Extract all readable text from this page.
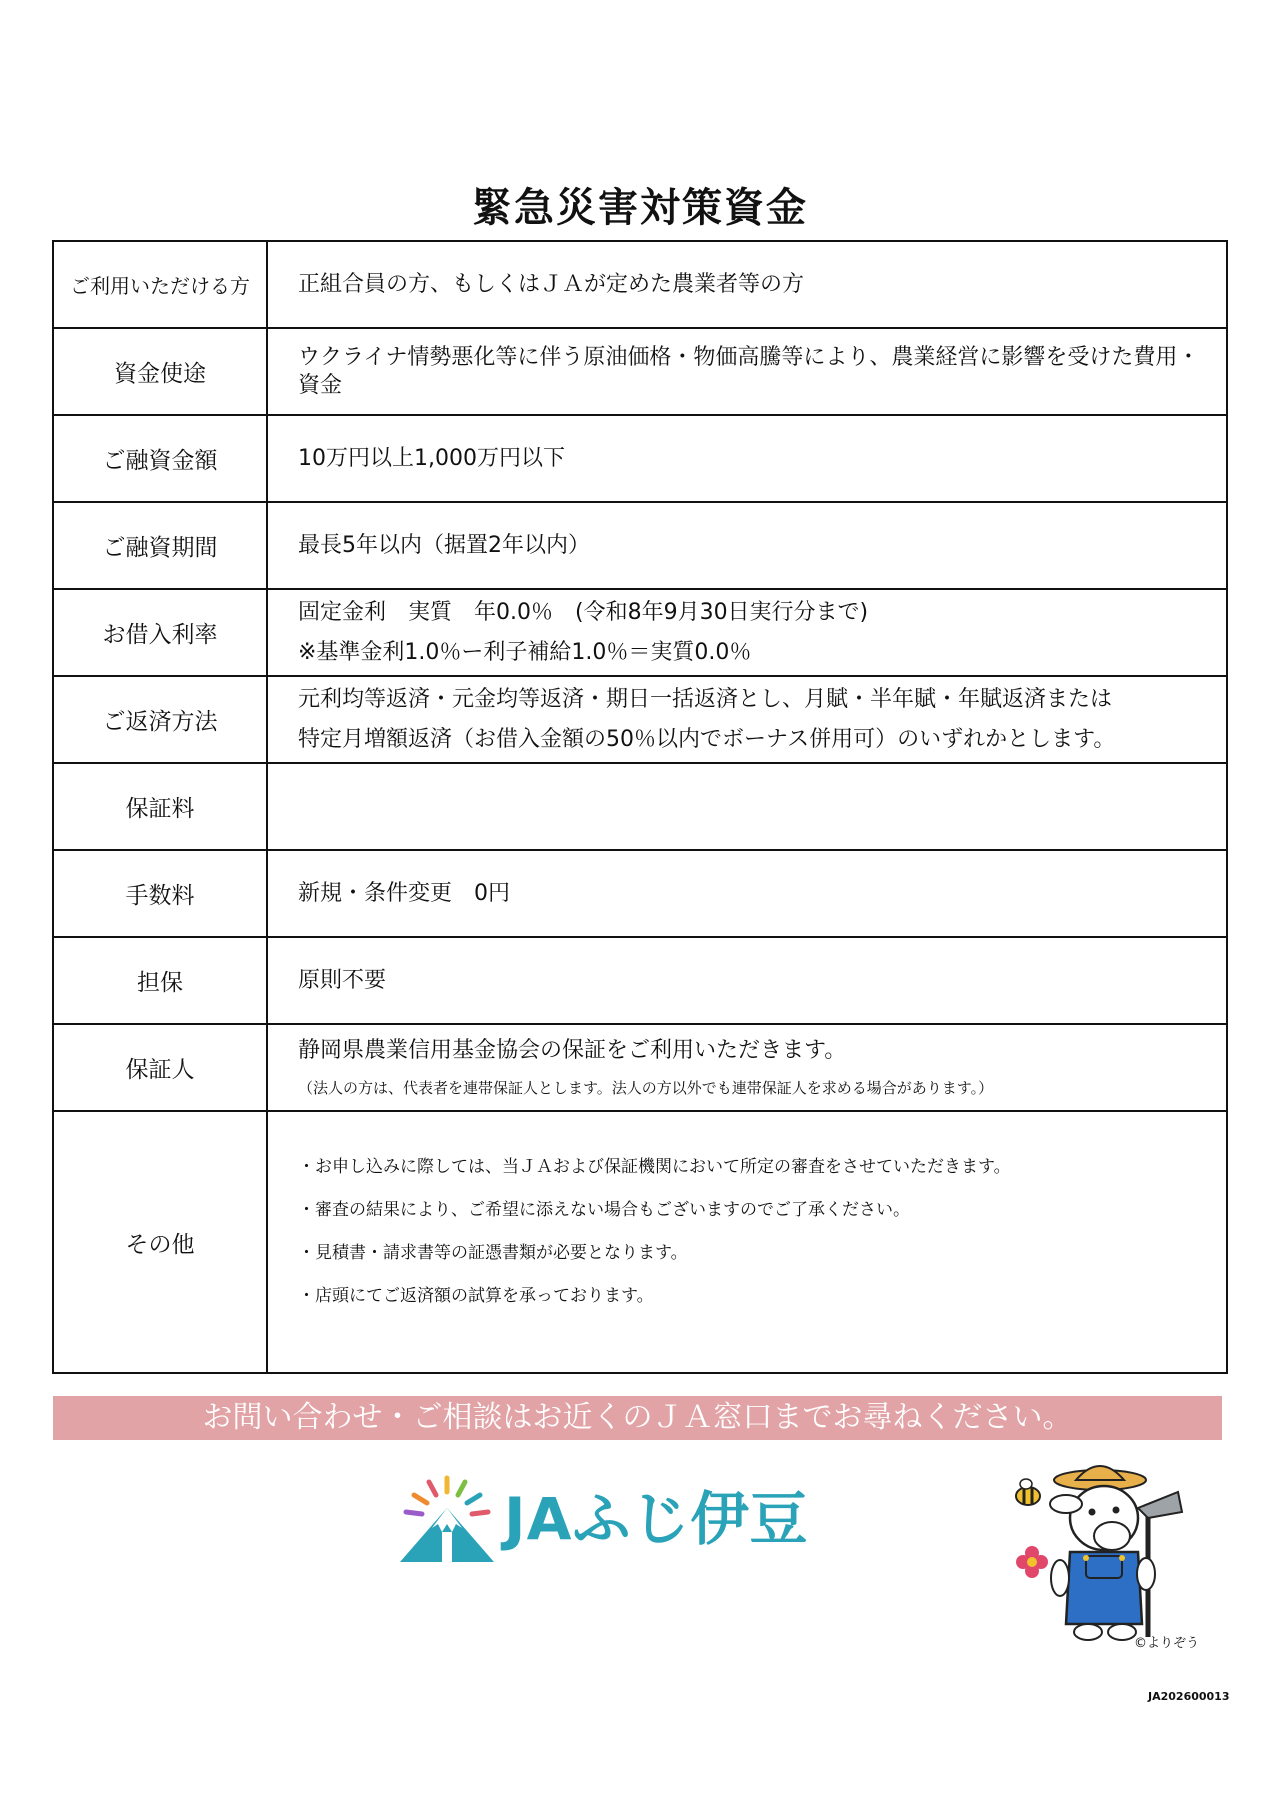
緊急災害対策資金
ご利用いただける方	正組合員の方、もしくはＪＡが定めた農業者等の方

資金使途	ウクライナ情勢悪化等に伴う原油価格・物価高騰等により、農業経営に影響を受けた費用・資金

ご融資金額	10万円以上1,000万円以下

ご融資期間	最長5年以内（据置2年以内）

お借入利率	固定金利　実質　年0.0％　(令和8年9月30日実行分まで)
※基準金利1.0％ー利子補給1.0％＝実質0.0％

ご返済方法	元利均等返済・元金均等返済・期日一括返済とし、月賦・半年賦・年賦返済または
特定月増額返済（お借入金額の50％以内でボーナス併用可）のいずれかとします。

保証料	

手数料	新規・条件変更　0円

担保	原則不要

保証人	静岡県農業信用基金協会の保証をご利用いただきます。
（法人の方は、代表者を連帯保証人とします。法人の方以外でも連帯保証人を求める場合があります。）

その他	・お申し込みに際しては、当ＪＡおよび保証機関において所定の審査をさせていただきます。
・審査の結果により、ご希望に添えない場合もございますのでご了承ください。
・見積書・請求書等の証憑書類が必要となります。
・店頭にてご返済額の試算を承っております。
お問い合わせ・ご相談はお近くのＪＡ窓口までお尋ねください。
JAふじ伊豆
©よりぞう
JA202600013
